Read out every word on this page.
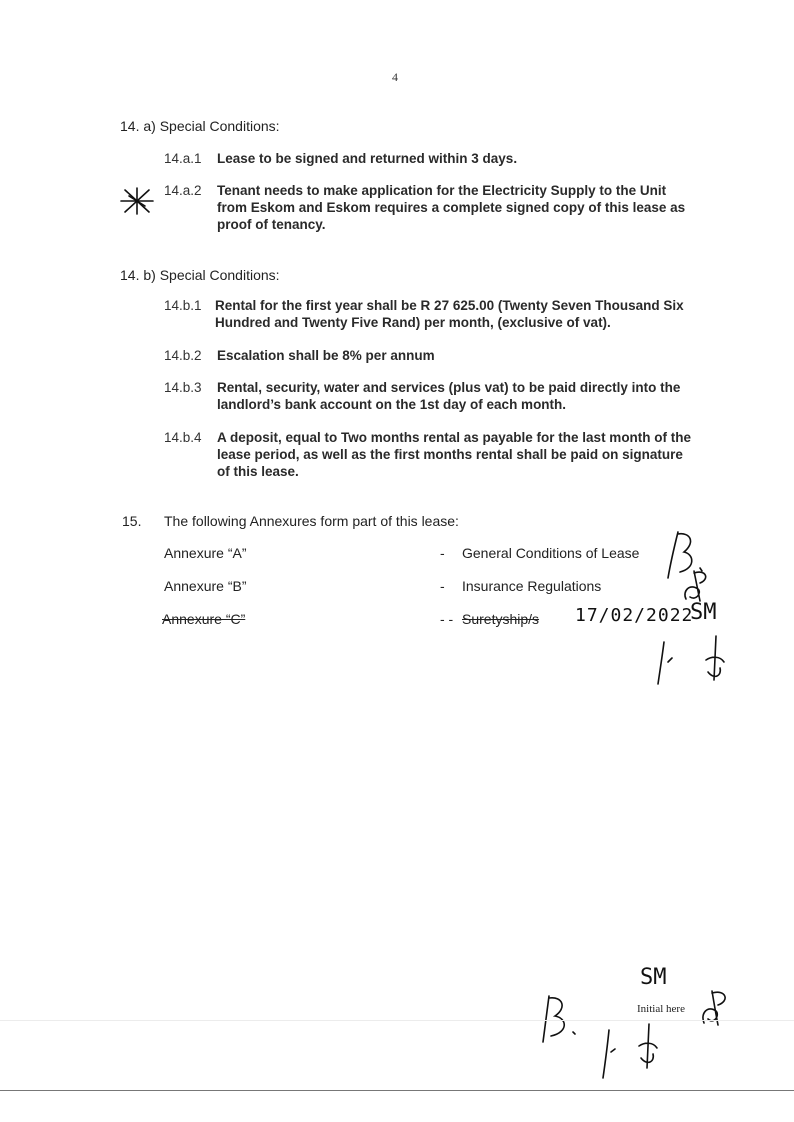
4
14. a) Special Conditions:
14.a.1 Lease to be signed and returned within 3 days.
14.a.2 Tenant needs to make application for the Electricity Supply to the Unit from Eskom and Eskom requires a complete signed copy of this lease as proof of tenancy.
14. b) Special Conditions:
14.b.1 Rental for the first year shall be R 27 625.00 (Twenty Seven Thousand Six Hundred and Twenty Five Rand) per month, (exclusive of vat).
14.b.2 Escalation shall be 8% per annum
14.b.3 Rental, security, water and services (plus vat) to be paid directly into the landlord’s bank account on the 1st day of each month.
14.b.4 A deposit, equal to Two months rental as payable for the last month of the lease period, as well as the first months rental shall be paid on signature of this lease.
15. The following Annexures form part of this lease:
Annexure “A”	- General Conditions of Lease
Annexure “B”	- Insurance Regulations
Annexure “C”	- - Suretyship/s 17/02/2022
SM
SM
Initial here
